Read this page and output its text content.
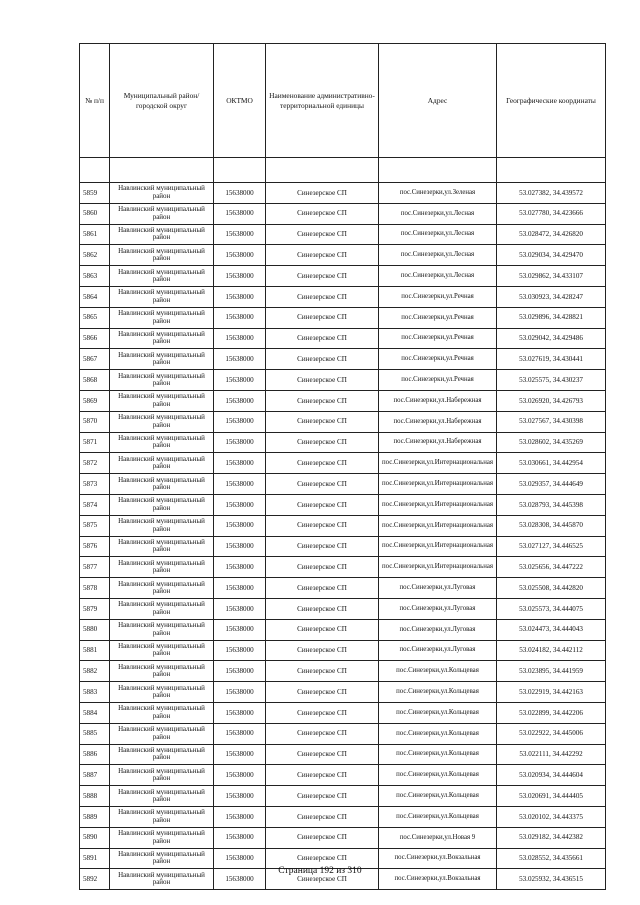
№ п/п	Муниципальный район/городской округ	ОКТМО	Наименование административно-территориальной единицы	Адрес	Географические координаты

5859	Навлинский муниципальный район	15638000	Синезерское СП	пос.Синезерки,ул.Зеленая	53.027382, 34.439572
5860	Навлинский муниципальный район	15638000	Синезерское СП	пос.Синезерки,ул.Лесная	53.027780, 34.423666
5861	Навлинский муниципальный район	15638000	Синезерское СП	пос.Синезерки,ул.Лесная	53.028472, 34.426820
5862	Навлинский муниципальный район	15638000	Синезерское СП	пос.Синезерки,ул.Лесная	53.029034, 34.429470
5863	Навлинский муниципальный район	15638000	Синезерское СП	пос.Синезерки,ул.Лесная	53.029862, 34.433107
5864	Навлинский муниципальный район	15638000	Синезерское СП	пос.Синезерки,ул.Речная	53.030923, 34.428247
5865	Навлинский муниципальный район	15638000	Синезерское СП	пос.Синезерки,ул.Речная	53.029896, 34.428821
5866	Навлинский муниципальный район	15638000	Синезерское СП	пос.Синезерки,ул.Речная	53.029042, 34.429486
5867	Навлинский муниципальный район	15638000	Синезерское СП	пос.Синезерки,ул.Речная	53.027619, 34.430441
5868	Навлинский муниципальный район	15638000	Синезерское СП	пос.Синезерки,ул.Речная	53.025575, 34.430237
5869	Навлинский муниципальный район	15638000	Синезерское СП	пос.Синезерки,ул.Набережная	53.026920, 34.426793
5870	Навлинский муниципальный район	15638000	Синезерское СП	пос.Синезерки,ул.Набережная	53.027567, 34.430398
5871	Навлинский муниципальный район	15638000	Синезерское СП	пос.Синезерки,ул.Набережная	53.028602, 34.435269
5872	Навлинский муниципальный район	15638000	Синезерское СП	пос.Синезерки,ул.Интернациональная	53.030661, 34.442954
5873	Навлинский муниципальный район	15638000	Синезерское СП	пос.Синезерки,ул.Интернациональная	53.029357, 34.444649
5874	Навлинский муниципальный район	15638000	Синезерское СП	пос.Синезерки,ул.Интернациональная	53.028793, 34.445398
5875	Навлинский муниципальный район	15638000	Синезерское СП	пос.Синезерки,ул.Интернациональная	53.028308, 34.445870
5876	Навлинский муниципальный район	15638000	Синезерское СП	пос.Синезерки,ул.Интернациональная	53.027127, 34.446525
5877	Навлинский муниципальный район	15638000	Синезерское СП	пос.Синезерки,ул.Интернациональная	53.025656, 34.447222
5878	Навлинский муниципальный район	15638000	Синезерское СП	пос.Синезерки,ул.Луговая	53.025508, 34.442820
5879	Навлинский муниципальный район	15638000	Синезерское СП	пос.Синезерки,ул.Луговая	53.025573, 34.444075
5880	Навлинский муниципальный район	15638000	Синезерское СП	пос.Синезерки,ул.Луговая	53.024473, 34.444043
5881	Навлинский муниципальный район	15638000	Синезерское СП	пос.Синезерки,ул.Луговая	53.024182, 34.442112
5882	Навлинский муниципальный район	15638000	Синезерское СП	пос.Синезерки,ул.Кольцевая	53.023895, 34.441959
5883	Навлинский муниципальный район	15638000	Синезерское СП	пос.Синезерки,ул.Кольцевая	53.022919, 34.442163
5884	Навлинский муниципальный район	15638000	Синезерское СП	пос.Синезерки,ул.Кольцевая	53.022899, 34.442206
5885	Навлинский муниципальный район	15638000	Синезерское СП	пос.Синезерки,ул.Кольцевая	53.022922, 34.445006
5886	Навлинский муниципальный район	15638000	Синезерское СП	пос.Синезерки,ул.Кольцевая	53.022111, 34.442292
5887	Навлинский муниципальный район	15638000	Синезерское СП	пос.Синезерки,ул.Кольцевая	53.020934, 34.444604
5888	Навлинский муниципальный район	15638000	Синезерское СП	пос.Синезерки,ул.Кольцевая	53.020691, 34.444405
5889	Навлинский муниципальный район	15638000	Синезерское СП	пос.Синезерки,ул.Кольцевая	53.020102, 34.443375
5890	Навлинский муниципальный район	15638000	Синезерское СП	пос.Синезерки,ул.Новая 9	53.029182, 34.442382
5891	Навлинский муниципальный район	15638000	Синезерское СП	пос.Синезерки,ул.Вокзальная	53.028552, 34.435661
5892	Навлинский муниципальный район	15638000	Синезерское СП	пос.Синезерки,ул.Вокзальная	53.025932, 34.436515
Страница 192 из 310
